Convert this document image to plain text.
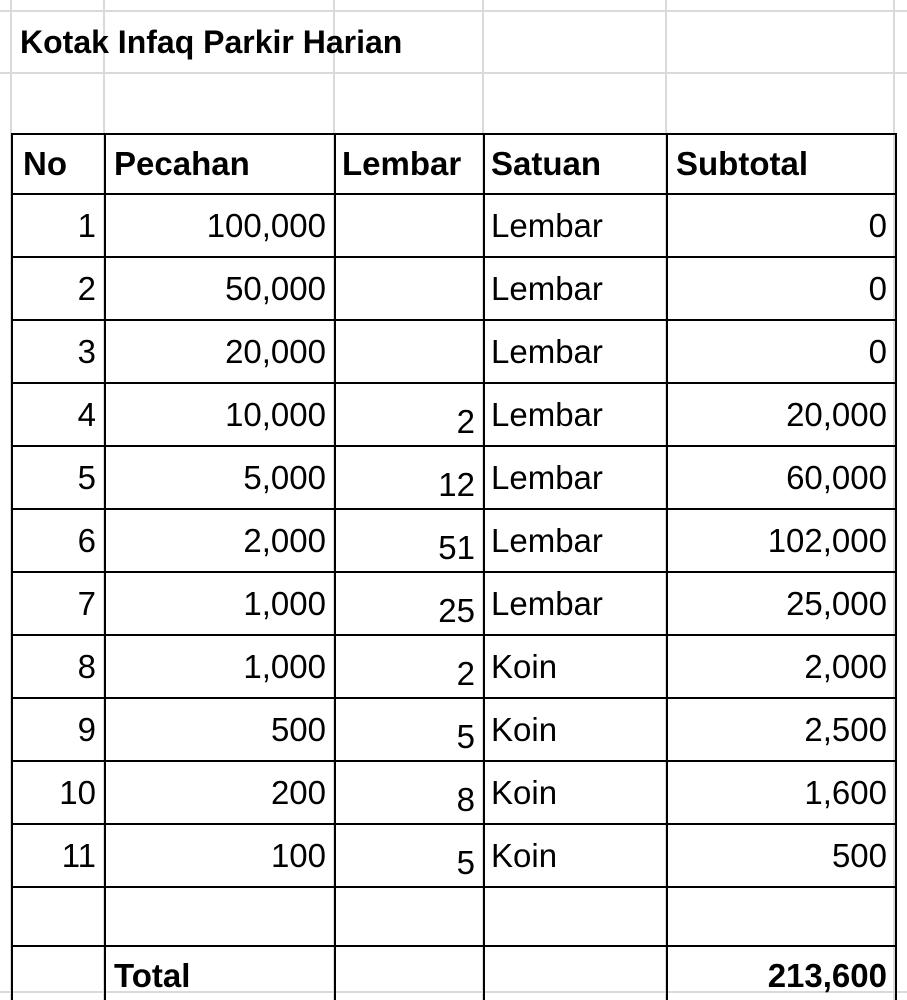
Kotak Infaq Parkir Harian
No	Pecahan	Lembar	Satuan	Subtotal
1	100,000		Lembar	0
2	50,000		Lembar	0
3	20,000		Lembar	0
4	10,000	2	Lembar	20,000
5	5,000	12	Lembar	60,000
6	2,000	51	Lembar	102,000
7	1,000	25	Lembar	25,000
8	1,000	2	Koin	2,000
9	500	5	Koin	2,500
10	200	8	Koin	1,600
11	100	5	Koin	500

	Total			213,600
